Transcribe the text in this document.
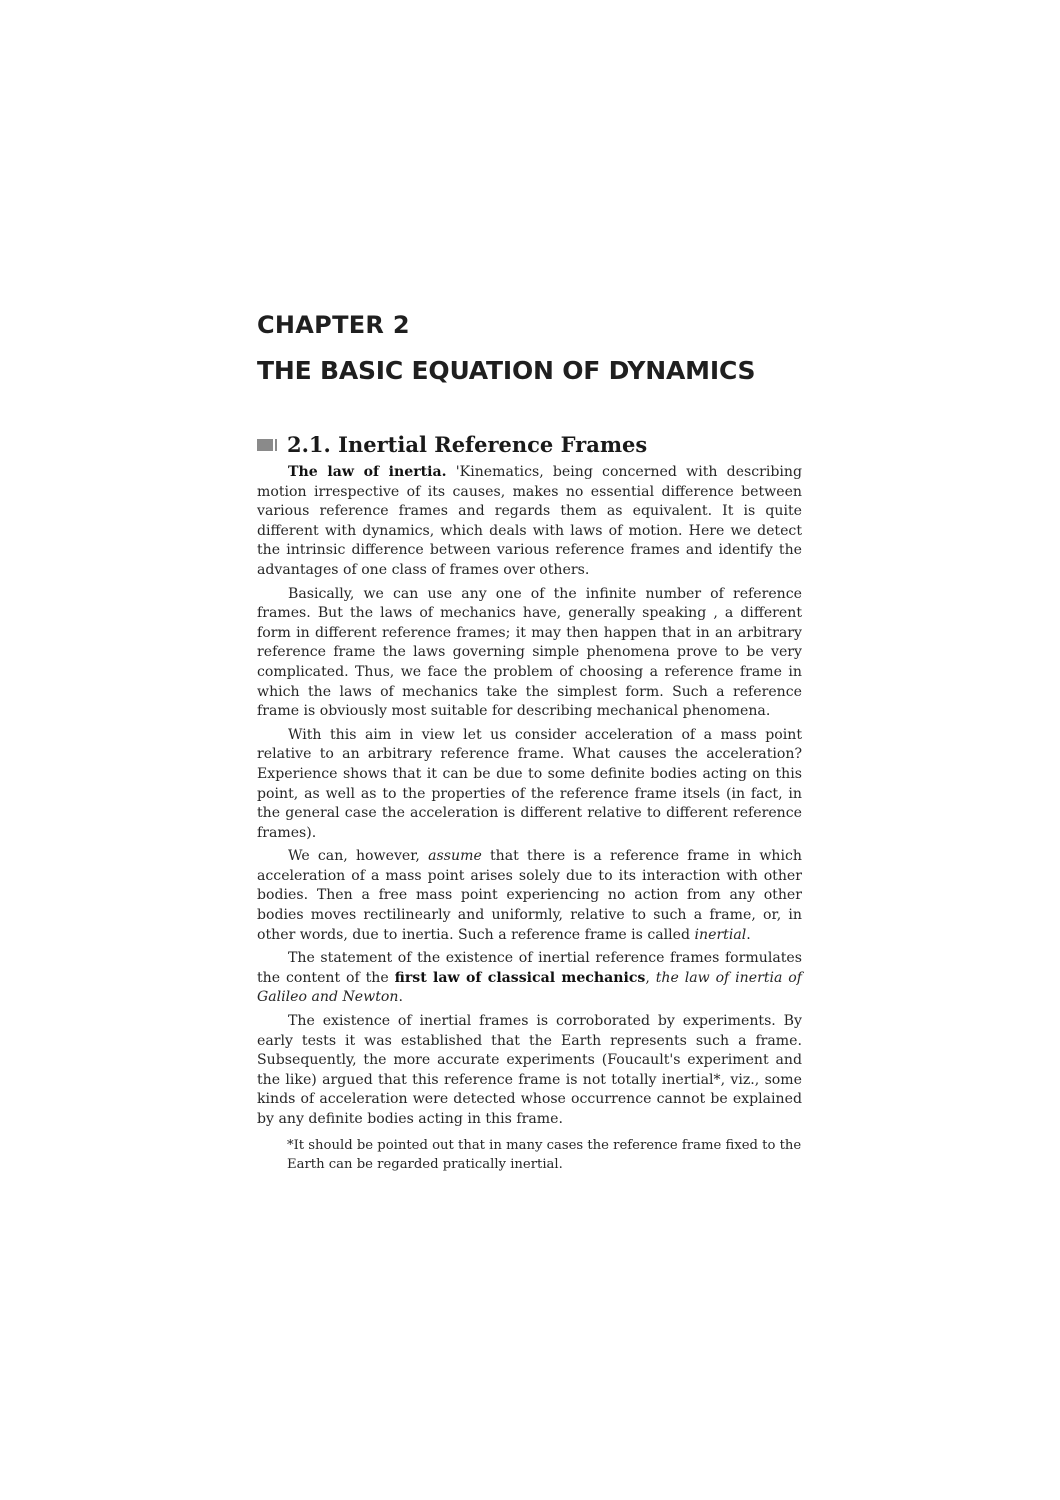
CHAPTER 2
THE BASIC EQUATION OF DYNAMICS
2.1. Inertial Reference Frames

The law of inertia. 'Kinematics, being concerned with describing motion irrespective of its causes, makes no essential difference between various reference frames and regards them as equivalent. It is quite different with dynamics, which deals with laws of motion. Here we detect the intrinsic difference between various reference frames and identify the advantages of one class of frames over others.

Basically, we can use any one of the infinite number of reference frames. But the laws of mechanics have, generally speaking , a different form in different reference frames; it may then happen that in an arbitrary reference frame the laws governing simple phenomena prove to be very complicated. Thus, we face the problem of choosing a reference frame in which the laws of mechanics take the simplest form. Such a reference frame is obviously most suitable for describing mechanical phenomena.

With this aim in view let us consider acceleration of a mass point relative to an arbitrary reference frame. What causes the acceleration? Experience shows that it can be due to some definite bodies acting on this point, as well as to the properties of the reference frame itsels (in fact, in the general case the acceleration is different relative to different reference frames).

We can, however, assume that there is a reference frame in which acceleration of a mass point arises solely due to its interaction with other bodies. Then a free mass point experiencing no action from any other bodies moves rectilinearly and uniformly, relative to such a frame, or, in other words, due to inertia. Such a reference frame is called inertial.

The statement of the existence of inertial reference frames formulates the content of the first law of classical mechanics, the law of inertia of Galileo and Newton.

The existence of inertial frames is corroborated by experiments. By early tests it was established that the Earth represents such a frame. Subsequently, the more accurate experiments (Foucault's experiment and the like) argued that this reference frame is not totally inertial*, viz., some kinds of acceleration were detected whose occurrence cannot be explained by any definite bodies acting in this frame.

*It should be pointed out that in many cases the reference frame fixed to the Earth can be regarded pratically inertial.
